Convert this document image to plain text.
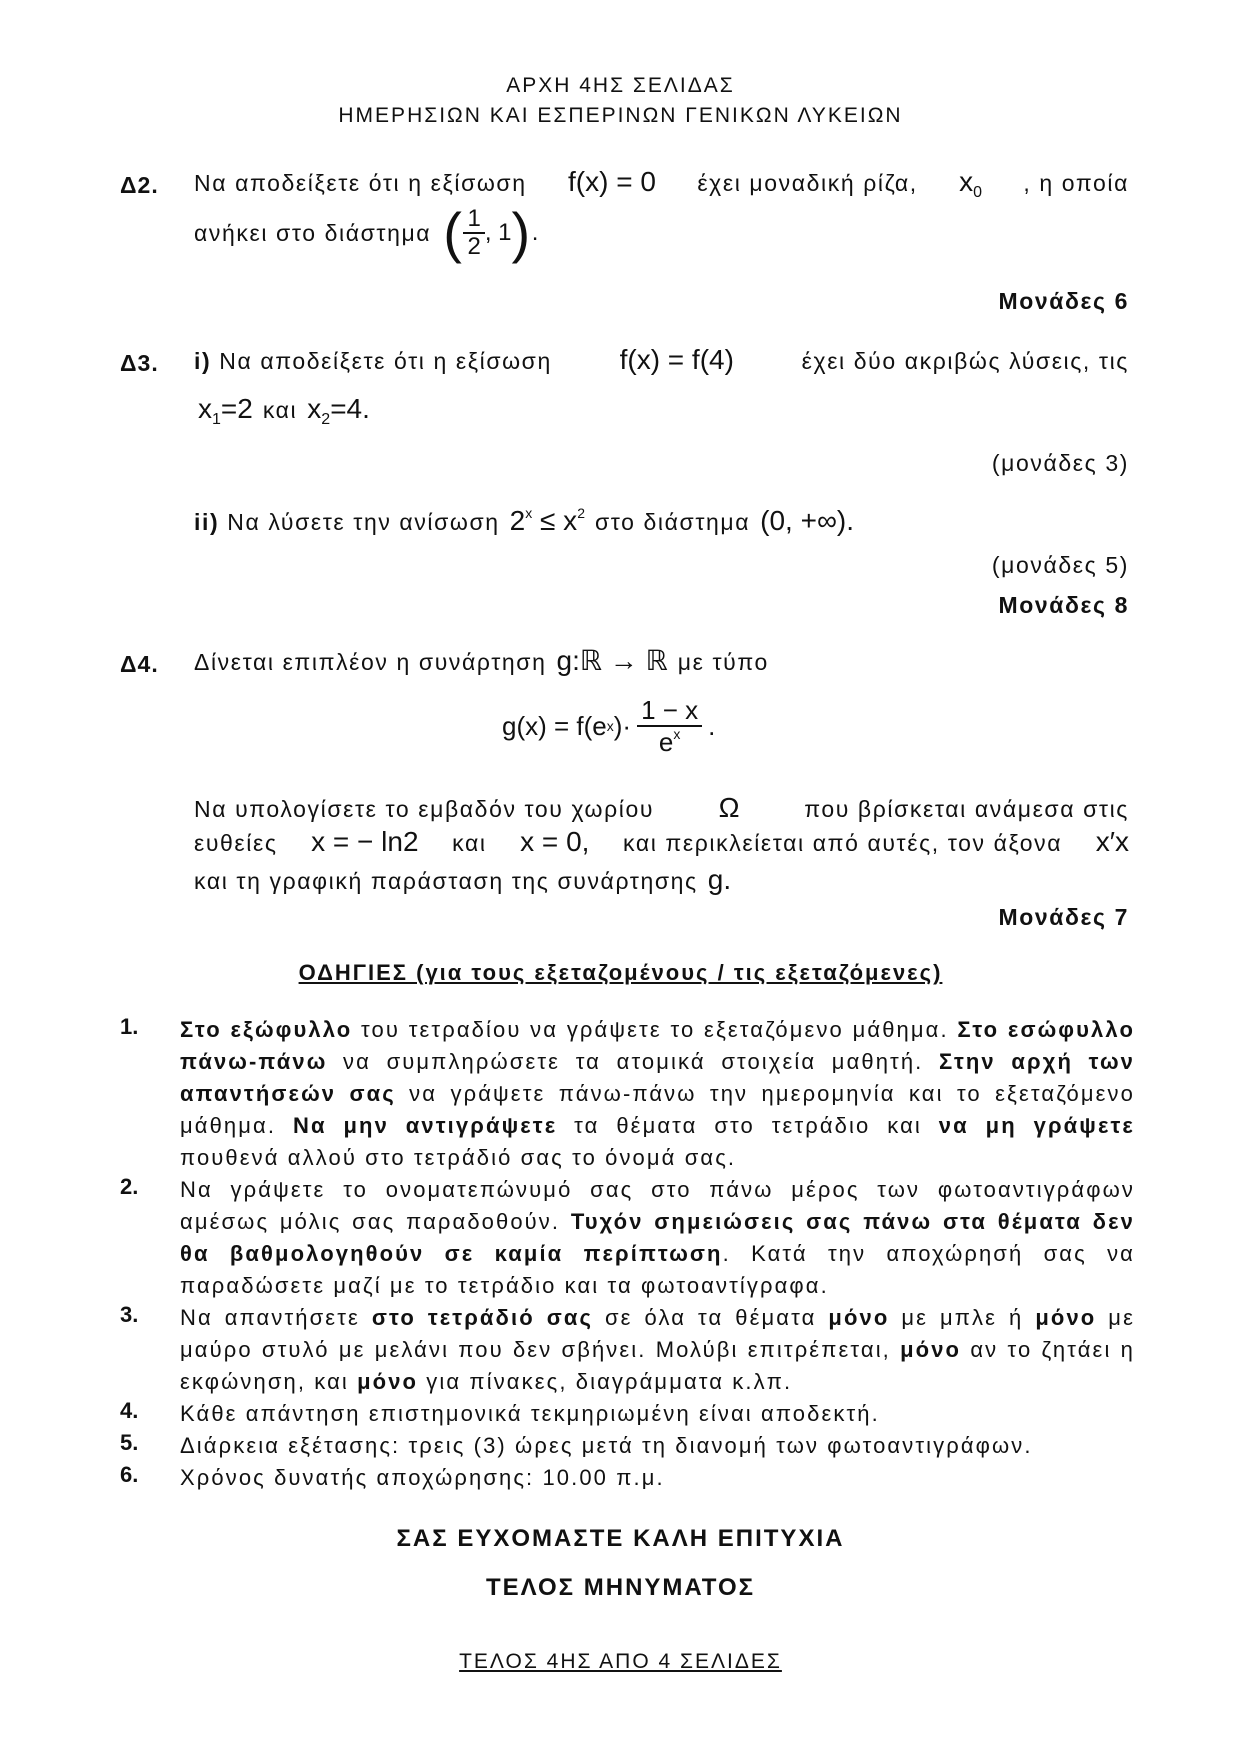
ΑΡΧΗ 4ΗΣ ΣΕΛΙΔΑΣ
ΗΜΕΡΗΣΙΩΝ ΚΑΙ ΕΣΠΕΡΙΝΩΝ ΓΕΝΙΚΩΝ ΛΥΚΕΙΩΝ
Δ2. Να αποδείξετε ότι η εξίσωση f(x) = 0 έχει μοναδική ρίζα, $x_0$ , η οποία
ανήκει στο διάστημα ( $\frac{1}{2}$ , 1 ) .
Μονάδες 6
Δ3. i) Να αποδείξετε ότι η εξίσωση f(x) = f(4)	έχει δύο ακριβώς λύσεις, τις
$x_1=2$ και $x_2=4$.
(μονάδες 3)
ii) Να λύσετε την ανίσωση $2^x \le x^2$ στο διάστημα (0, +∞).
(μονάδες 5)
Μονάδες 8
Δ4. Δίνεται επιπλέον η συνάρτηση g:ℝ → ℝ με τύπο
g(x) = f(e x )· $\frac{1 - x}{e^x}$ .
Να υπολογίσετε το εμβαδόν του χωρίου Ω	που βρίσκεται ανάμεσα στις
ευθείες x = − ln2 και x = 0, και περικλείεται από αυτές, τον άξονα x′x
και τη γραφική παράσταση της συνάρτησης g.
Μονάδες 7
ΟΔΗΓΙΕΣ (για τους εξεταζομένους / τις εξεταζόμενες)
1. Στο εξώφυλλο του τετραδίου να γράψετε το εξεταζόμενο μάθημα. Στο εσώφυλλο πάνω-πάνω να συμπληρώσετε τα ατομικά στοιχεία μαθητή. Στην αρχή των απαντήσεών σας να γράψετε πάνω-πάνω την ημερομηνία και το εξεταζόμενο μάθημα. Να μην αντιγράψετε τα θέματα στο τετράδιο και να μη γράψετε πουθενά αλλού στο τετράδιό σας το όνομά σας.
2. Να γράψετε το ονοματεπώνυμό σας στο πάνω μέρος των φωτοαντιγράφων αμέσως μόλις σας παραδοθούν. Τυχόν σημειώσεις σας πάνω στα θέματα δεν θα βαθμολογηθούν σε καμία περίπτωση. Κατά την αποχώρησή σας να παραδώσετε μαζί με το τετράδιο και τα φωτοαντίγραφα.
3. Να απαντήσετε στο τετράδιό σας σε όλα τα θέματα μόνο με μπλε ή μόνο με μαύρο στυλό με μελάνι που δεν σβήνει. Μολύβι επιτρέπεται, μόνο αν το ζητάει η εκφώνηση, και μόνο για πίνακες, διαγράμματα κ.λπ.
4. Κάθε απάντηση επιστημονικά τεκμηριωμένη είναι αποδεκτή.
5. Διάρκεια εξέτασης: τρεις (3) ώρες μετά τη διανομή των φωτοαντιγράφων.
6. Χρόνος δυνατής αποχώρησης: 10.00 π.μ.
ΣΑΣ ΕΥΧΟΜΑΣΤΕ ΚΑΛΗ ΕΠΙΤΥΧΙΑ
ΤΕΛΟΣ ΜΗΝΥΜΑΤΟΣ
ΤΕΛΟΣ 4ΗΣ ΑΠΟ 4 ΣΕΛΙΔΕΣ
